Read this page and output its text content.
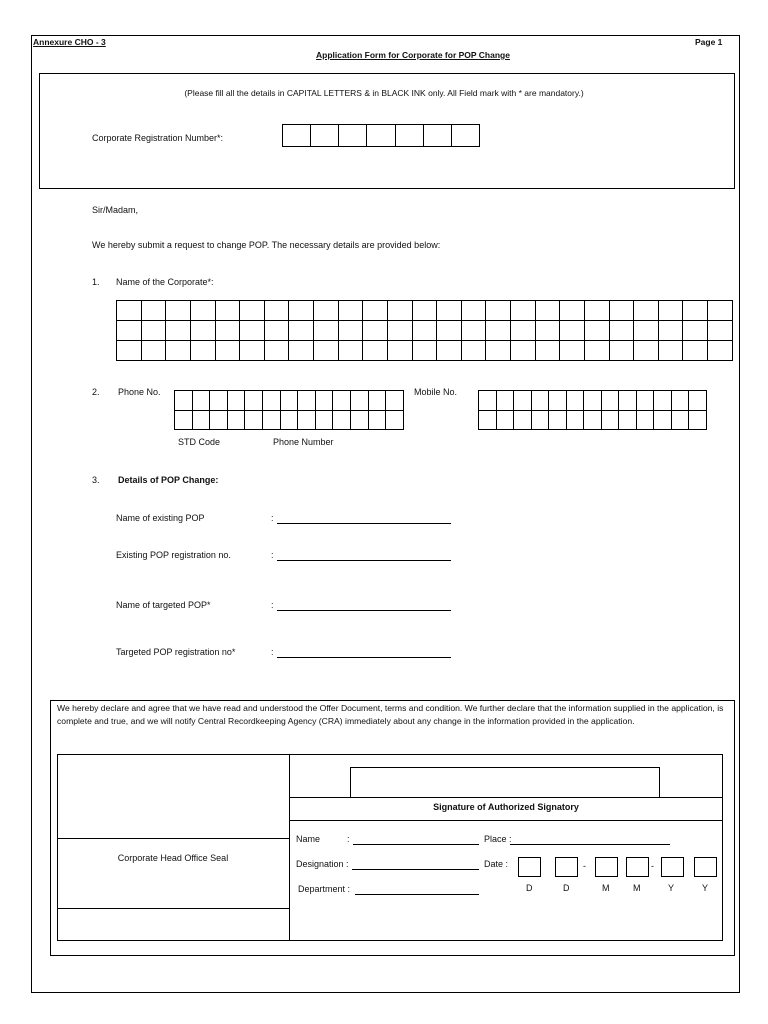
Annexure CHO - 3	Page 1
Application Form for Corporate for POP Change
(Please fill all the details in CAPITAL LETTERS & in BLACK INK only. All Field mark with * are mandatory.)
Corporate Registration Number*:

Sir/Madam,
We hereby submit a request to change POP. The necessary details are provided below:
1. Name of the Corporate*:

2. Phone No.

													Mobile No.

STD Code	Phone Number
3. Details of POP Change:
Name of existing POP	:
Existing POP registration no.	:
Name of targeted POP*	:
Targeted POP registration no*	:
We hereby declare and agree that we have read and understood the Offer Document, terms and condition. We further declare that the information supplied in the application, is complete and true, and we will notify Central Recordkeeping Agency (CRA) immediately about any change in the information provided in the application.
Corporate Head Office Seal
Signature of Authorized Signatory
Name	:	Place :
Designation :	Date :	-	-
D	D	M	M	Y	Y
Department :
